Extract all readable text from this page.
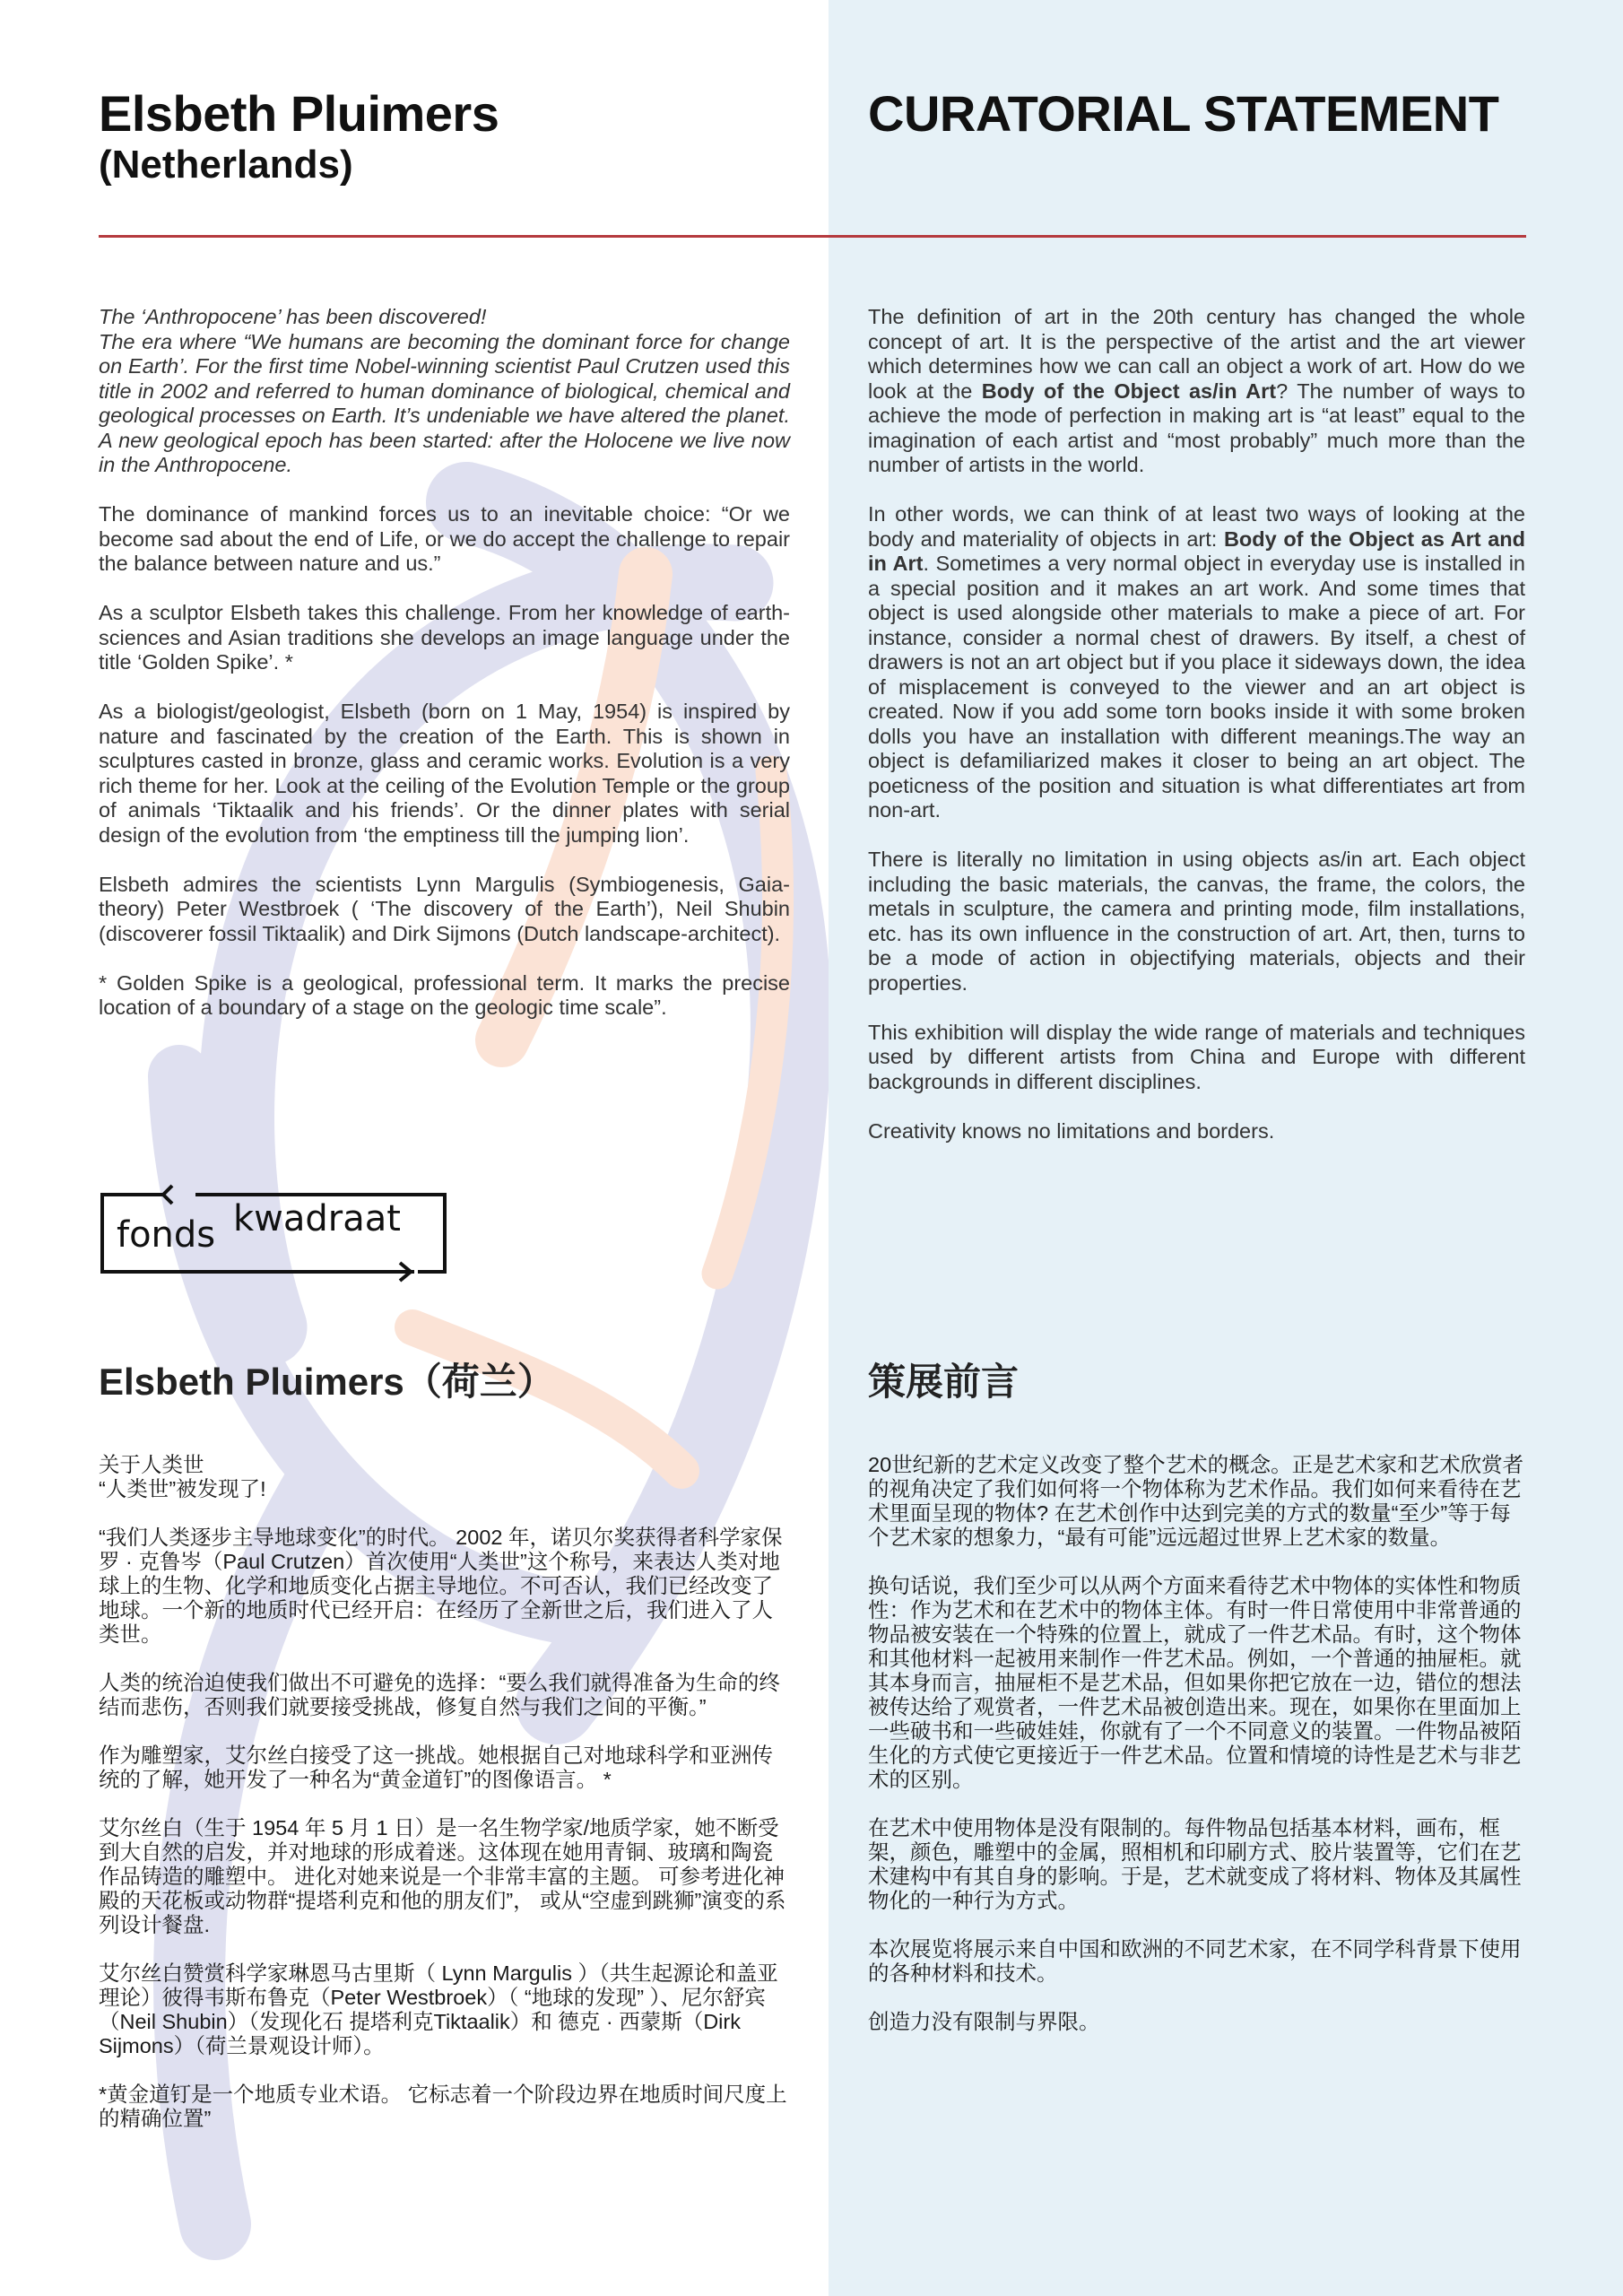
Elsbeth Pluimers
(Netherlands)
CURATORIAL STATEMENT

The ‘Anthropocene’ has been discovered!
The era where “We humans are becoming the dominant force for change on Earth’. For the first time Nobel-winning scientist Paul Crutzen used this title in 2002 and referred to human dominance of biological, chemical and geological processes on Earth. It’s undeniable we have altered the planet. A new geological epoch has been started: after the Holocene we live now in the Anthropocene.

The dominance of mankind forces us to an inevitable choice: “Or we become sad about the end of Life, or we do accept the challenge to repair the balance between nature and us.”

As a sculptor Elsbeth takes this challenge. From her knowledge of earth-sciences and Asian traditions she develops an image language under the title ‘Golden Spike’. *

As a biologist/geologist, Elsbeth (born on 1 May, 1954) is inspired by nature and fascinated by the creation of the Earth. This is shown in sculptures casted in bronze, glass and ceramic works. Evolution is a very rich theme for her. Look at the ceiling of the Evolution Temple or the group of animals ‘Tiktaalik and his friends’. Or the dinner plates with serial design of the evolution from ‘the emptiness till the jumping lion’.

Elsbeth admires the scientists Lynn Margulis (Symbiogenesis, Gaia-theory) Peter Westbroek ( ‘The discovery of the Earth’), Neil Shubin (discoverer fossil Tiktaalik) and Dirk Sijmons (Dutch landscape-architect).

* Golden Spike is a geological, professional term. It marks the precise location of a boundary of a stage on the geologic time scale”.

fonds kwadraat

The definition of art in the 20th century has changed the whole concept of art. It is the perspective of the artist and the art viewer which determines how we can call an object a work of art. How do we look at the Body of the Object as/in Art? The number of ways to achieve the mode of perfection in making art is “at least” equal to the imagination of each artist and “most probably” much more than the number of artists in the world.

In other words, we can think of at least two ways of looking at the body and materiality of objects in art: Body of the Object as Art and in Art. Sometimes a very normal object in everyday use is installed in a special position and it makes an art work. And some times that object is used alongside other materials to make a piece of art. For instance, consider a normal chest of drawers. By itself, a chest of drawers is not an art object but if you place it sideways down, the idea of misplacement is conveyed to the viewer and an art object is created. Now if you add some torn books inside it with some broken dolls you have an installation with different meanings.The way an object is defamiliarized makes it closer to being an art object. The poeticness of the position and situation is what differentiates art from non-art.

There is literally no limitation in using objects as/in art. Each object including the basic materials, the canvas, the frame, the colors, the metals in sculpture, the camera and printing mode, film installations, etc. has its own influence in the construction of art. Art, then, turns to be a mode of action in objectifying materials, objects and their properties.

This exhibition will display the wide range of materials and techniques used by different artists from China and Europe with different backgrounds in different disciplines.

Creativity knows no limitations and borders.

Elsbeth Pluimers（荷兰）	策展前言

关于人类世
“人类世”被发现了!

“我们人类逐步主导地球变化”的时代。 2002 年，诺贝尔奖获得者科学家保罗 · 克鲁岑（Paul Crutzen）首次使用“人类世”这个称号，来表达人类对地球上的生物、化学和地质变化占据主导地位。不可否认，我们已经改变了地球。一个新的地质时代已经开启：在经历了全新世之后，我们进入了人类世。

人类的统治迫使我们做出不可避免的选择：“要么我们就得准备为生命的终结而悲伤，否则我们就要接受挑战，修复自然与我们之间的平衡。”

作为雕塑家，艾尔丝白接受了这一挑战。她根据自己对地球科学和亚洲传统的了解，她开发了一种名为“黄金道钉”的图像语言。 *

艾尔丝白（生于 1954 年 5 月 1 日）是一名生物学家/地质学家，她不断受到大自然的启发，并对地球的形成着迷。这体现在她用青铜、玻璃和陶瓷作品铸造的雕塑中。 进化对她来说是一个非常丰富的主题。 可参考进化神殿的天花板或动物群“提塔利克和他的朋友们”， 或从“空虚到跳狮”演变的系列设计餐盘.

艾尔丝白赞赏科学家琳恩马古里斯（ Lynn Margulis ）（共生起源论和盖亚理论）彼得韦斯布鲁克（Peter Westbroek）（ “地球的发现” ）、尼尔舒宾（Neil Shubin）（发现化石 提塔利克Tiktaalik）和 德克 · 西蒙斯（Dirk Sijmons）（荷兰景观设计师）。

*黄金道钉是一个地质专业术语。 它标志着一个阶段边界在地质时间尺度上的精确位置”

20世纪新的艺术定义改变了整个艺术的概念。正是艺术家和艺术欣赏者的视角决定了我们如何将一个物体称为艺术作品。我们如何来看待在艺术里面呈现的物体? 在艺术创作中达到完美的方式的数量“至少”等于每个艺术家的想象力，“最有可能”远远超过世界上艺术家的数量。

换句话说，我们至少可以从两个方面来看待艺术中物体的实体性和物质性：作为艺术和在艺术中的物体主体。有时一件日常使用中非常普通的物品被安装在一个特殊的位置上，就成了一件艺术品。有时，这个物体和其他材料一起被用来制作一件艺术品。例如，一个普通的抽屉柜。就其本身而言，抽屉柜不是艺术品，但如果你把它放在一边，错位的想法被传达给了观赏者，一件艺术品被创造出来。现在，如果你在里面加上一些破书和一些破娃娃，你就有了一个不同意义的装置。一件物品被陌生化的方式使它更接近于一件艺术品。位置和情境的诗性是艺术与非艺术的区别。

在艺术中使用物体是没有限制的。每件物品包括基本材料，画布，框架，颜色，雕塑中的金属，照相机和印刷方式、胶片装置等，它们在艺术建构中有其自身的影响。于是，艺术就变成了将材料、物体及其属性物化的一种行为方式。

本次展览将展示来自中国和欧洲的不同艺术家，在不同学科背景下使用的各种材料和技术。

创造力没有限制与界限。
